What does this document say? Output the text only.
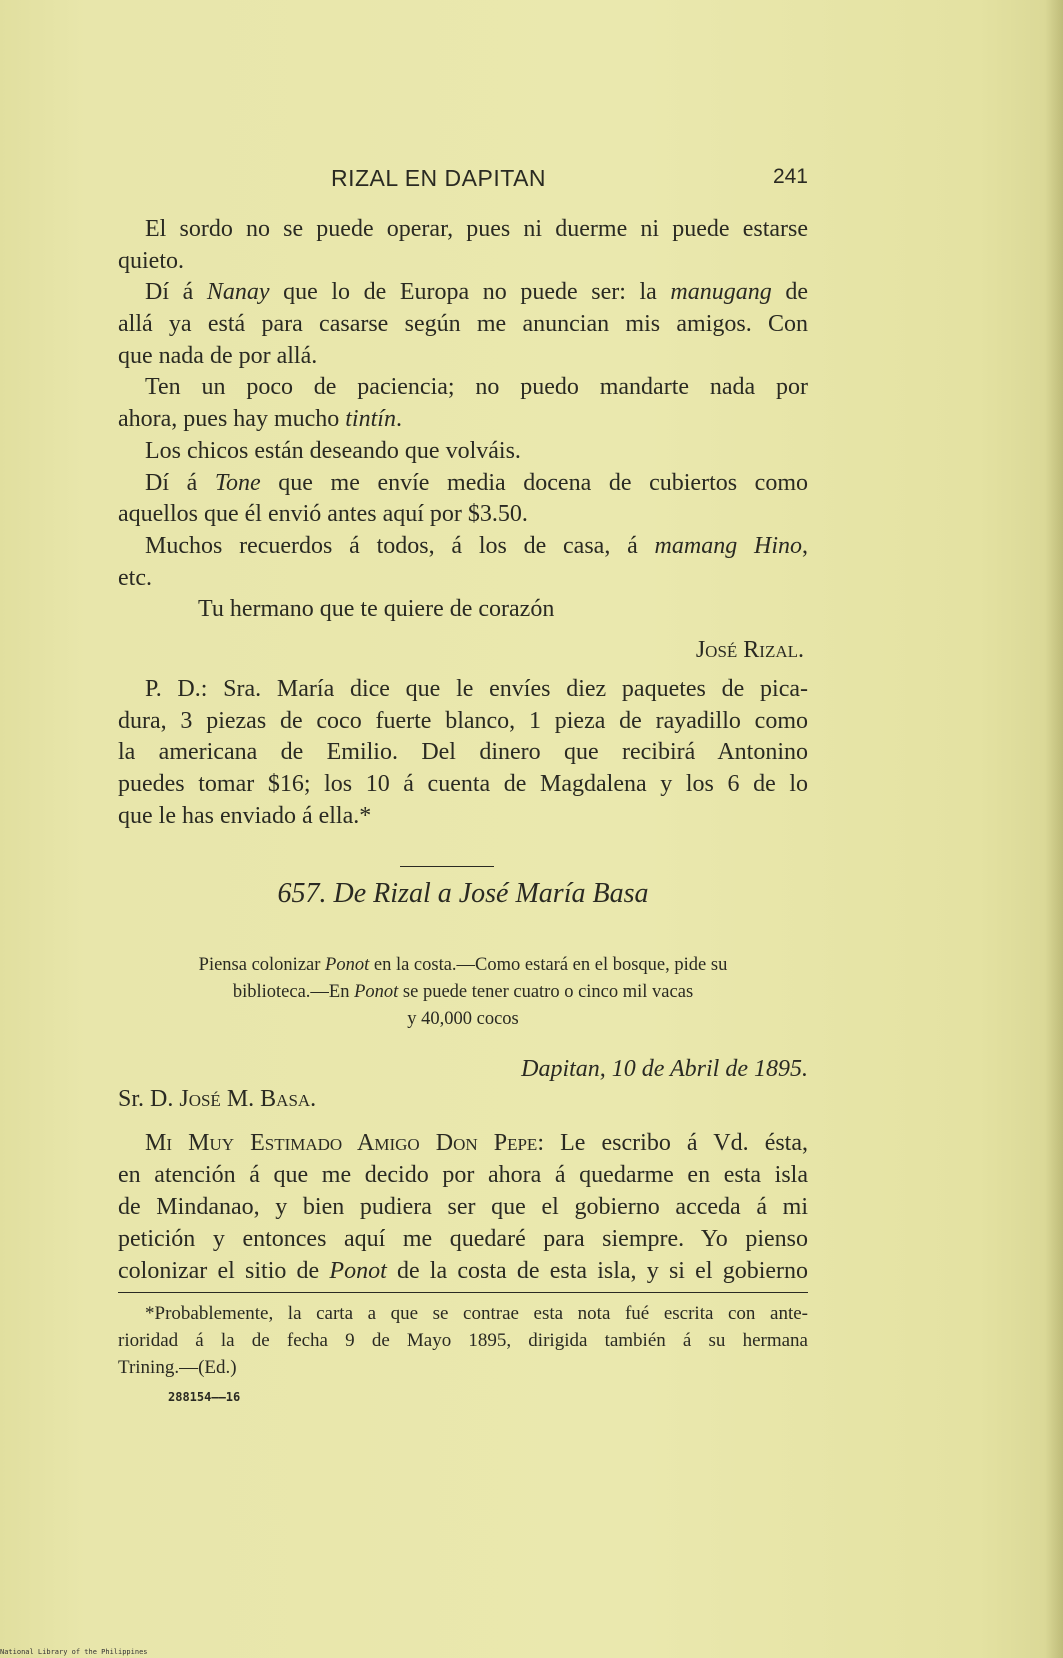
RIZAL EN DAPITAN	241
El sordo no se puede operar, pues ni duerme ni puede estarse
quieto.
Dí á Nanay que lo de Europa no puede ser: la manugang de
allá ya está para casarse según me anuncian mis amigos. Con
que nada de por allá.
Ten un poco de paciencia; no puedo mandarte nada por
ahora, pues hay mucho tintín.
Los chicos están deseando que volváis.
Dí á Tone que me envíe media docena de cubiertos como
aquellos que él envió antes aquí por $3.50.
Muchos recuerdos á todos, á los de casa, á mamang Hino,
etc.
Tu hermano que te quiere de corazón
José Rizal.
P. D.: Sra. María dice que le envíes diez paquetes de pica-
dura, 3 piezas de coco fuerte blanco, 1 pieza de rayadillo como
la americana de Emilio. Del dinero que recibirá Antonino
puedes tomar $16; los 10 á cuenta de Magdalena y los 6 de lo
que le has enviado á ella.*
657. De Rizal a José María Basa
Piensa colonizar Ponot en la costa.—Como estará en el bosque, pide su
biblioteca.—En Ponot se puede tener cuatro o cinco mil vacas
y 40,000 cocos
Dapitan, 10 de Abril de 1895.
Sr. D. José M. Basa.
Mi Muy Estimado Amigo Don Pepe: Le escribo á Vd. ésta,
en atención á que me decido por ahora á quedarme en esta isla
de Mindanao, y bien pudiera ser que el gobierno acceda á mi
petición y entonces aquí me quedaré para siempre. Yo pienso
colonizar el sitio de Ponot de la costa de esta isla, y si el gobierno
*Probablemente, la carta a que se contrae esta nota fué escrita con ante-
rioridad á la de fecha 9 de Mayo 1895, dirigida también á su hermana
Trining.—(Ed.)
288154——16
National Library of the Philippines
